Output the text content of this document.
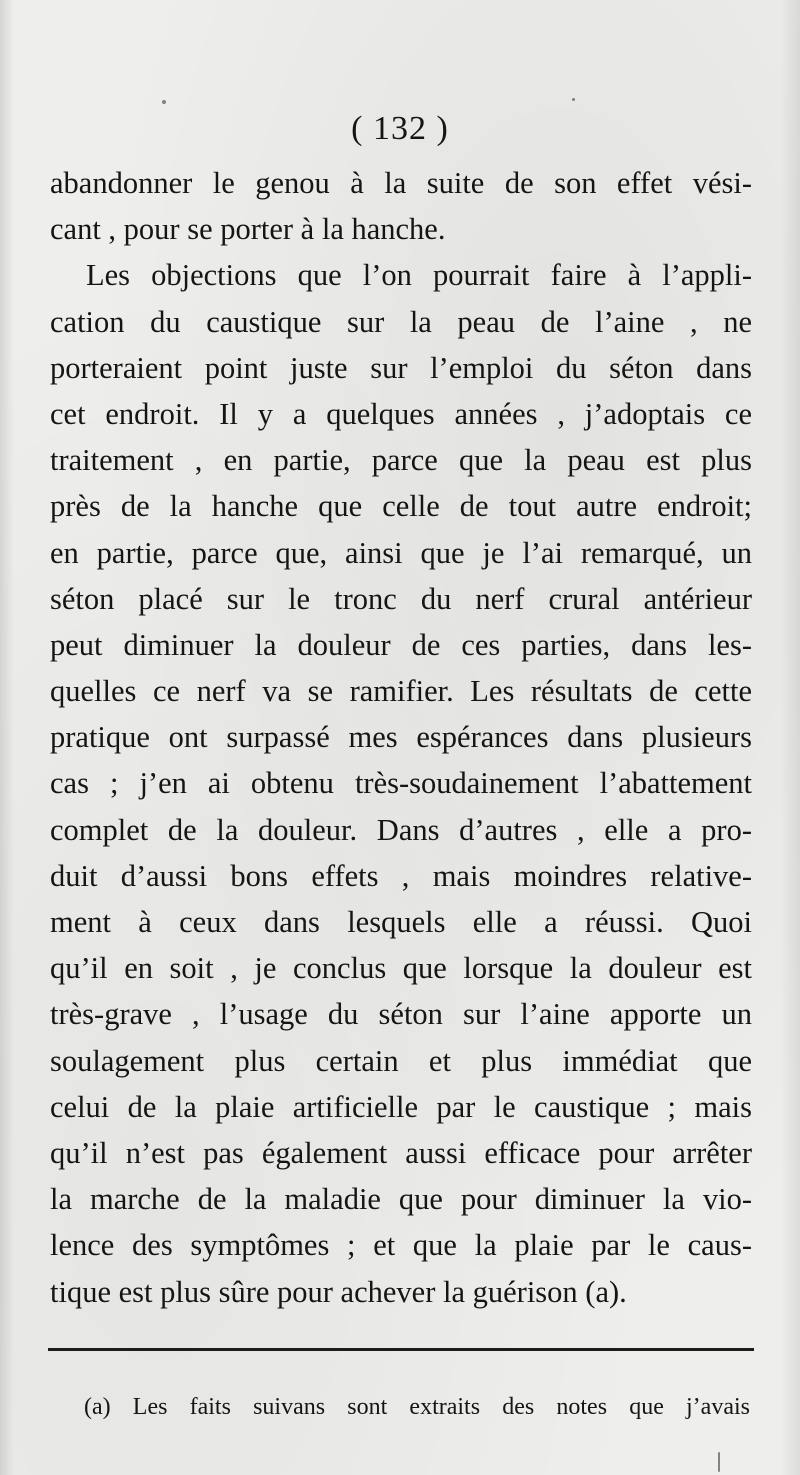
( 132 )
abandonner le genou à la suite de son effet vési-
cant , pour se porter à la hanche.
Les objections que l’on pourrait faire à l’appli-
cation du caustique sur la peau de l’aine , ne
porteraient point juste sur l’emploi du séton dans
cet endroit. Il y a quelques années , j’adoptais ce
traitement , en partie, parce que la peau est plus
près de la hanche que celle de tout autre endroit;
en partie, parce que, ainsi que je l’ai remarqué, un
séton placé sur le tronc du nerf crural antérieur
peut diminuer la douleur de ces parties, dans les-
quelles ce nerf va se ramifier. Les résultats de cette
pratique ont surpassé mes espérances dans plusieurs
cas ; j’en ai obtenu très-soudainement l’abattement
complet de la douleur. Dans d’autres , elle a pro-
duit d’aussi bons effets , mais moindres relative-
ment à ceux dans lesquels elle a réussi. Quoi
qu’il en soit , je conclus que lorsque la douleur est
très-grave , l’usage du séton sur l’aine apporte un
soulagement plus certain et plus immédiat que
celui de la plaie artificielle par le caustique ; mais
qu’il n’est pas également aussi efficace pour arrêter
la marche de la maladie que pour diminuer la vio-
lence des symptômes ; et que la plaie par le caus-
tique est plus sûre pour achever la guérison (a).
(a) Les faits suivans sont extraits des notes que j’avais
